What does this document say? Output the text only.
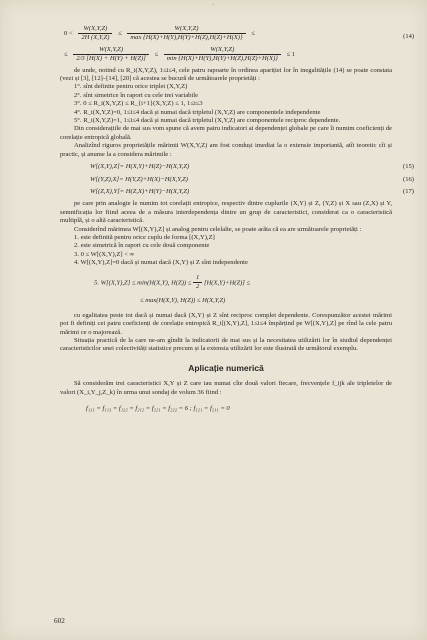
·
$0 < \frac{W(X,Y,Z)}{2H (X,Y,Z)} \le \frac{W(X,Y,Z)}{\max \{H(X)+H(Y),H(Y)+H(Z),H(Z)+H(X)\}}$ ≤	(14)
≤ $\frac{W(X,Y,Z)}{2/3 [H(X) + H(Y) + H(Z)]} \le \frac{W(X,Y,Z)}{\min \{H(X)+H(Y),H(Y)+H(Z),H(Z)+H(X)\}} \le 1$

de unde, notind cu R_i(X,Y,Z), 1≤i≤4, cele patru rapoarte în ordinea apariției lor în inegalitățile (14) se poate constata (vezi și [3], [12]–[14], [20] că acestea se bucură de următoarele proprietăți :

1°. sînt definite pentru orice triplet (X,Y,Z)

2°. sînt simetrice în raport cu cele trei variabile

3°. 0 ≤ R_i(X,Y,Z) ≤ R_{i+1}(X,Y,Z) ≤ 1, 1≤i≤3

4°. R_i(X,Y,Z)=0, 1≤i≤4 dacă și numai dacă tripletul (X,Y,Z) are componentele independente

5°. R_i(X,Y,Z)=1, 1≤i≤4 dacă și numai dacă tripletul (X,Y,Z) are componentele reciproc dependente.

Din considerațiile de mai sus vom spune că avem patru indicatori ai dependenței globale pe care îi numim coeficienți de corelație entropică globală.

Analizînd riguros proprietățile mărimii W(X,Y,Z) am fost conduși imediat la o extensie importantă, atît teoretic cît și practic, și anume la a considera mărimile :

W[(X,Y),Z]= H(X,Y)+H(Z)−H(X,Y,Z)	(15)
W[(Y,Z),X]= H(Y,Z)+H(X)−H(X,Y,Z)	(16)
W[(Z,X),Y]= H(Z,X)+H(Y)−H(X,Y,Z)	(17)

pe care prin analogie le numim tot corelații entropice, respectiv dintre cuplurile (X,Y) și Z, (Y,Z) și X sau (Z,X) și Y, semnificația lor fiind aceea de a măsura interdependența dintre un grup de caracteristici, considerat ca o caracteristică multiplă, și o altă caracteristică.

Considerînd mărimea W[(X,Y),Z] și analog pentru celelalte, se poate arăta că ea are următoarele proprietăți :

1. este definită pentru orice cuplu de forma [(X,Y),Z]

2. este simetrică în raport cu cele două componente

3. 0 ≤ W[(X,Y),Z] < ∞

4. W[(X,Y),Z]=0 dacă și numai dacă (X,Y) și Z sînt independente

5. W[(X,Y),Z] ≤ min(H(X,Y), $H(Z)) \le \frac{1}{2} [H(X,Y)+H(Z)]$ ≤
≤ max(H(X,Y), H(Z)) ≤ H(X,Y,Z)

cu egalitatea peste tot dacă și numai dacă (X,Y) și Z sînt reciproc complet dependente. Corespunzător acestei mărimi pot fi definiți cei patru coeficienți de corelație entropică R_i[(X,Y),Z], 1≤i≤4 împărțind pe W[(X,Y),Z] pe rînd la cele patru mărimi ce o majorează.

Situația practică de la care ne-am gîndit la indicatorii de mai sus și la necesitatea utilizării lor în studiul dependenței caracteristicilor unei colectivități statistice precum și la extensia utilizării lor este ilustrată de următorul exemplu.

Aplicație numerică

Să considerăm trei caracteristici X,Y și Z care iau numai cîte două valori fiecare, frecvențele f_ijk ale tripletelor de valori (X_i,Y_j,Z_k) în urma unui sondaj de volum 36 fiind :

f₁₁₁ = f₁₁₃ = f₁₂₂ = f₂₁₂ = f₂₂₁ = f₂₂₂ = 6 ; f₁₂₁ = f₂₁₁ = 0
602
